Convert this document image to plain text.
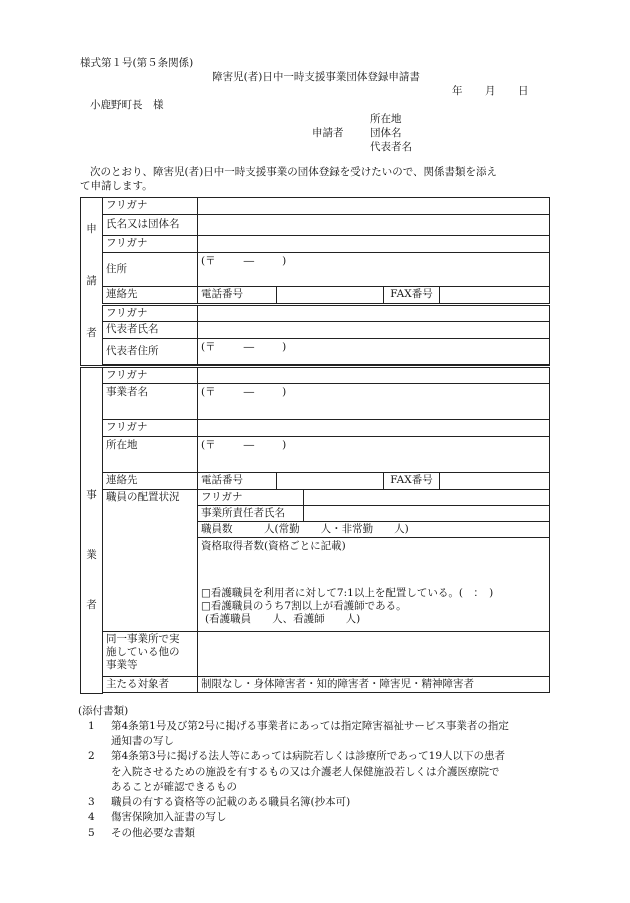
様式第１号(第５条関係)
障害児(者)日中一時支援事業団体登録申請書
年 月 日
小鹿野町長　様
所在地
申請者	団体名
代表者名
次のとおり、障害児(者)日中一時支援事業の団体登録を受けたいので、関係書類を添え
て申請します。
申
請
者	フリガナ					
	氏名又は団体名					
	フリガナ					
	住所	(〒 ― )				
	連絡先	電話番号			FAX番号	
	フリガナ					
	代表者氏名					
	代表者住所	(〒 ― )				

事
業
者	フリガナ					
	事業者名	(〒 ― )				
	フリガナ					
	所在地	(〒 ― )				
	連絡先	電話番号			FAX番号	
	職員の配置状況	フリガナ				
		事業所責任者氏名				
		職員数　　　人(常勤　　人・非常勤　　人)				

		資格取得者数(資格ごとに記載)
□看護職員を利用者に対して7:1以上を配置している。(　：　)
□看護職員のうち7割以上が看護師である。
(看護職員　　人、看護師　　人)				

	同一事業所で実
施している他の
事業等					

	主たる対象者	制限なし・身体障害者・知的障害者・障害児・精神障害者				

(添付書類)
1 第4条第1号及び第2号に掲げる事業者にあっては指定障害福祉サービス事業者の指定
通知書の写し
2 第4条第3号に掲げる法人等にあっては病院若しくは診療所であって19人以下の患者
を入院させるための施設を有するもの又は介護老人保健施設若しくは介護医療院で
あることが確認できるもの
3 職員の有する資格等の記載のある職員名簿(抄本可)
4 傷害保険加入証書の写し
5 その他必要な書類
